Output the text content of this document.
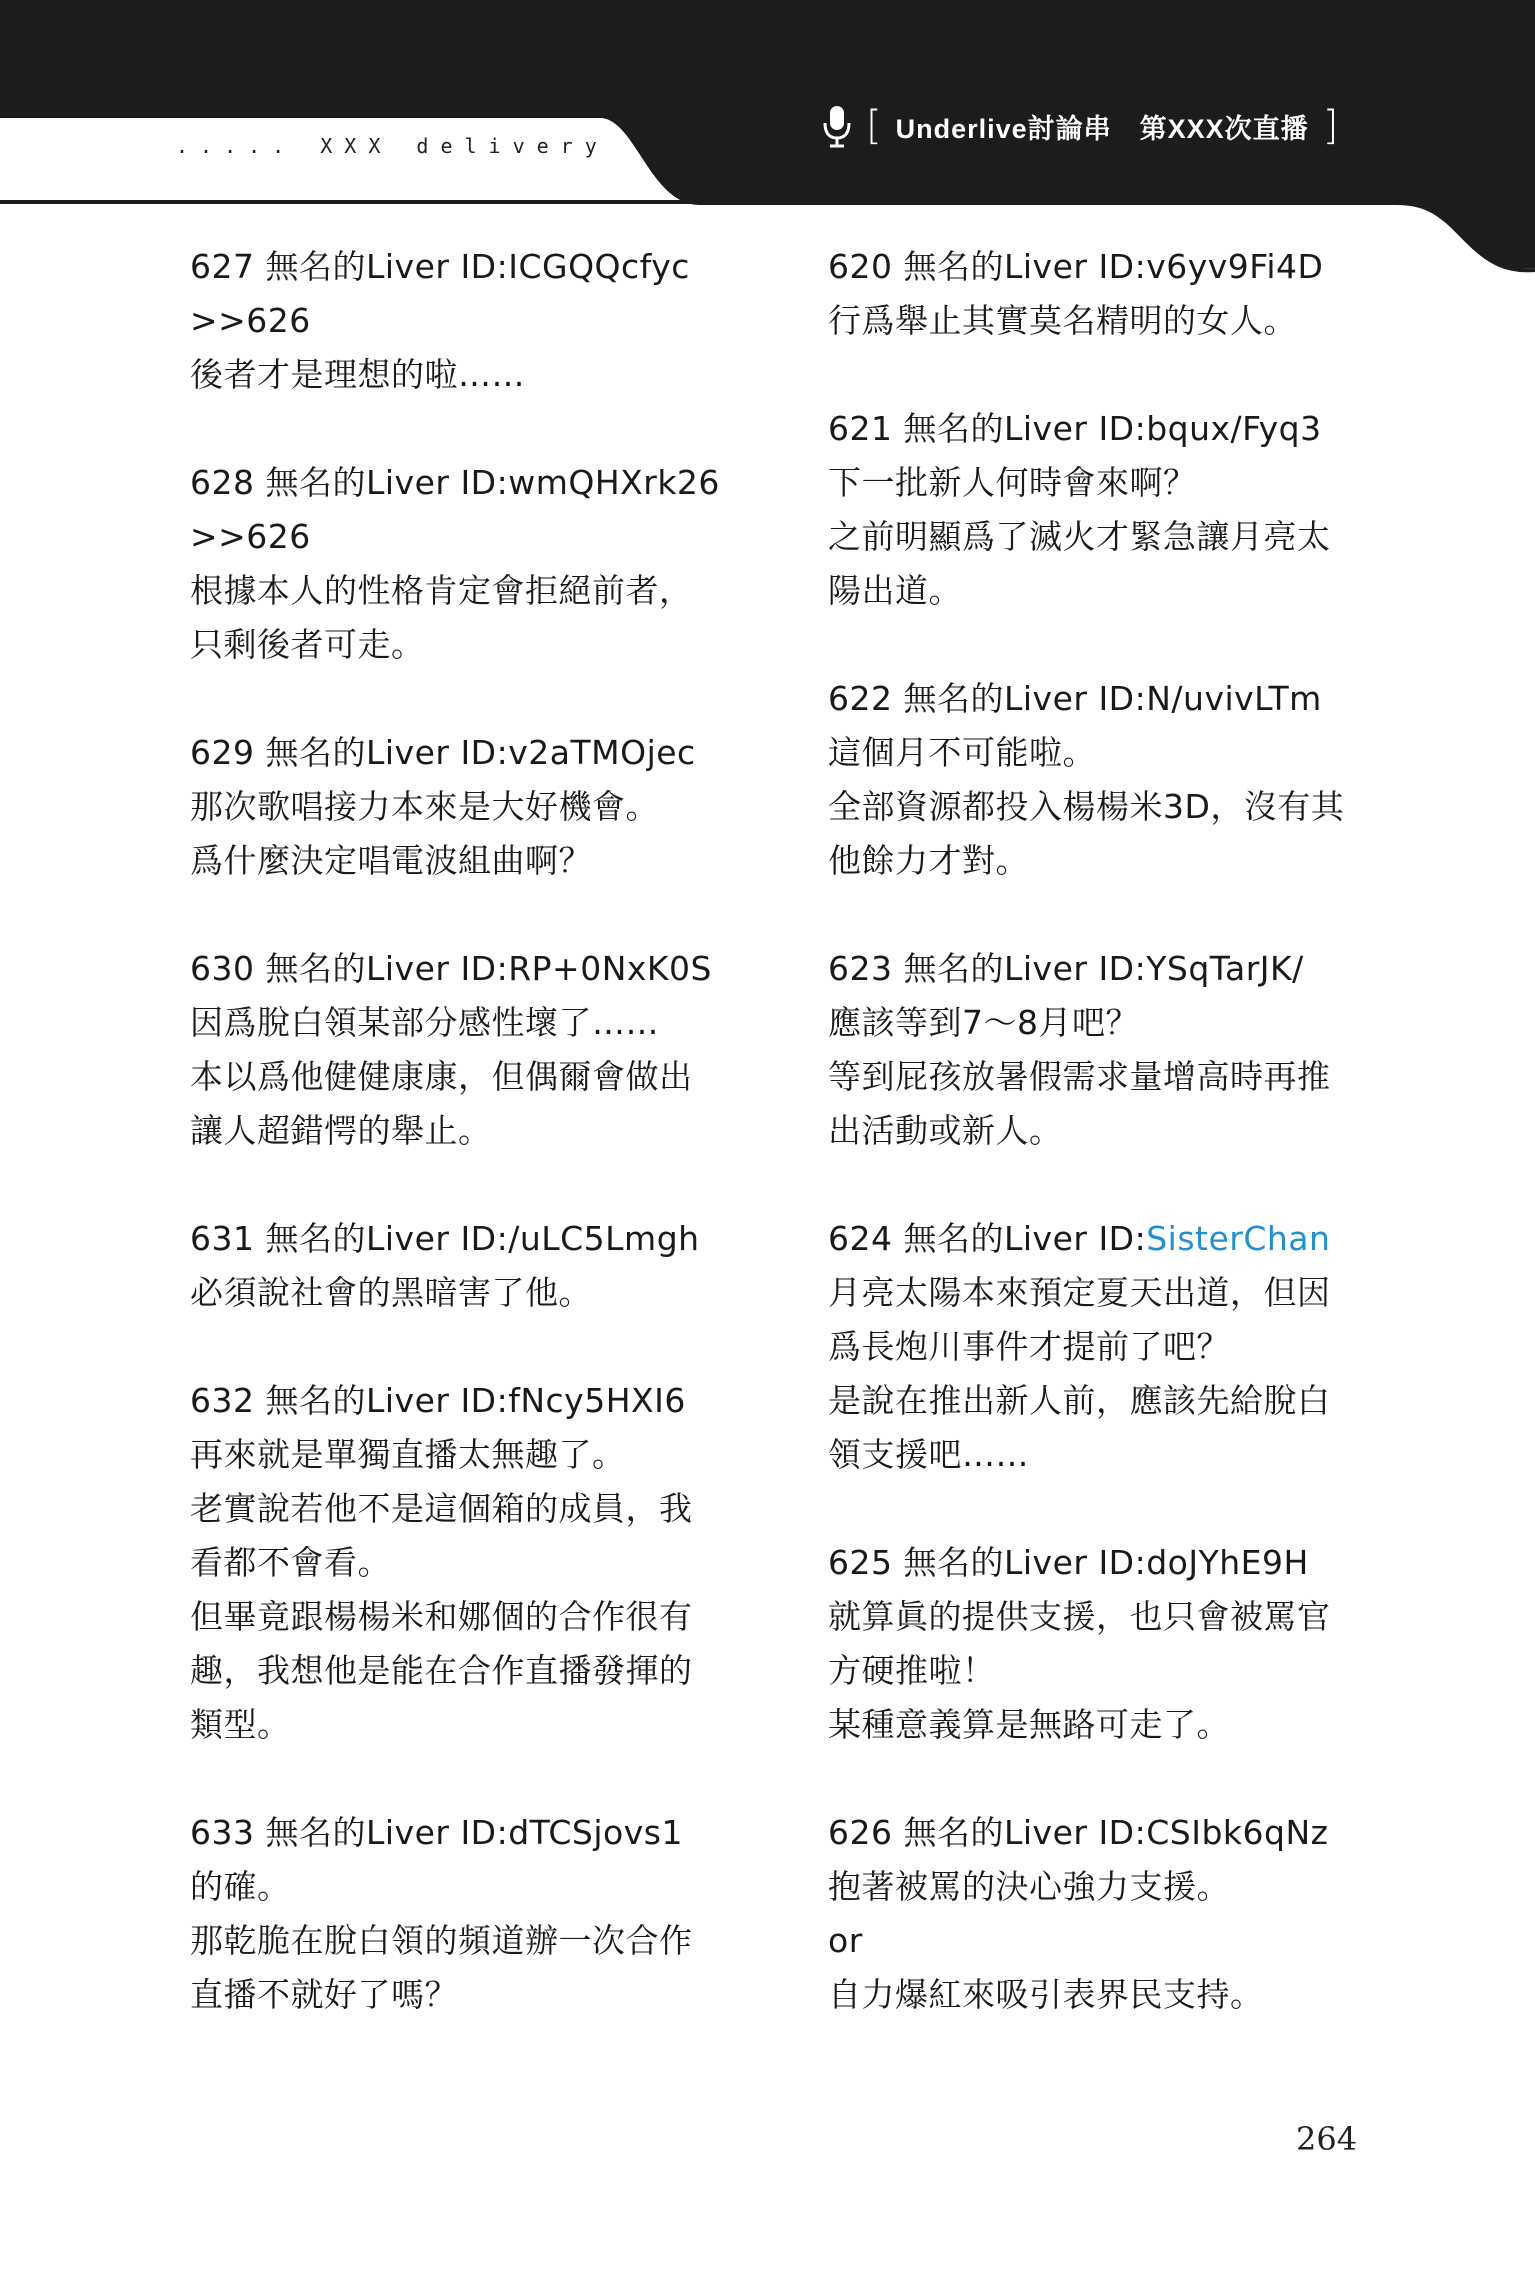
..... XXX delivery	[ Underlive討論串 第XXX次直播 ]
627 無名的Liver ID:ICGQQcfyc
>>626
後者才是理想的啦……
628 無名的Liver ID:wmQHXrk26
>>626
根據本人的性格肯定會拒絕前者，
只剩後者可走。
629 無名的Liver ID:v2aTMOjec
那次歌唱接力本來是大好機會。
爲什麼決定唱電波組曲啊？
630 無名的Liver ID:RP+0NxK0S
因爲脫白領某部分感性壞了……
本以爲他健健康康，但偶爾會做出
讓人超錯愕的舉止。
631 無名的Liver ID:/uLC5Lmgh
必須說社會的黑暗害了他。
632 無名的Liver ID:fNcy5HXI6
再來就是單獨直播太無趣了。
老實說若他不是這個箱的成員，我
看都不會看。
但畢竟跟楊楊米和娜個的合作很有
趣，我想他是能在合作直播發揮的
類型。
633 無名的Liver ID:dTCSjovs1
的確。
那乾脆在脫白領的頻道辦一次合作
直播不就好了嗎？
620 無名的Liver ID:v6yv9Fi4D
行爲舉止其實莫名精明的女人。
621 無名的Liver ID:bqux/Fyq3
下一批新人何時會來啊？
之前明顯爲了滅火才緊急讓月亮太
陽出道。
622 無名的Liver ID:N/uvivLTm
這個月不可能啦。
全部資源都投入楊楊米3D，沒有其
他餘力才對。
623 無名的Liver ID:YSqTarJK/
應該等到7～8月吧？
等到屁孩放暑假需求量增高時再推
出活動或新人。
624 無名的Liver ID:SisterChan
月亮太陽本來預定夏天出道，但因
爲長炮川事件才提前了吧？
是說在推出新人前，應該先給脫白
領支援吧……
625 無名的Liver ID:doJYhE9H
就算眞的提供支援，也只會被罵官
方硬推啦！
某種意義算是無路可走了。
626 無名的Liver ID:CSIbk6qNz
抱著被罵的決心強力支援。
or
自力爆紅來吸引表界民支持。
264
